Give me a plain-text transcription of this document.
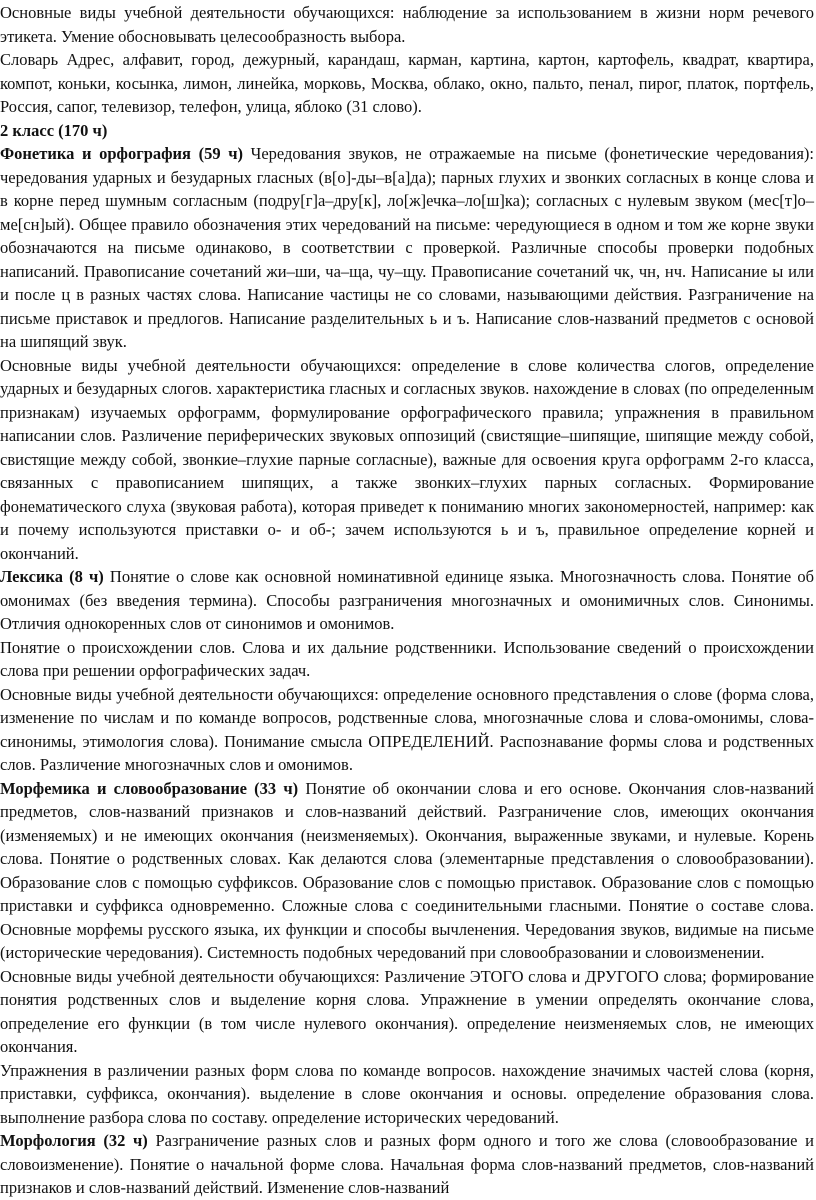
Основные виды учебной деятельности обучающихся: наблюдение за использованием в жизни норм речевого этикета. Умение обосновывать целесообразность выбора.

Словарь Адрес, алфавит, город, дежурный, карандаш, карман, картина, картон, картофель, квадрат, квартира, компот, коньки, косынка, лимон, линейка, морковь, Москва, облако, окно, пальто, пенал, пирог, платок, портфель, Россия, сапог, телевизор, телефон, улица, яблоко (31 слово).

2 класс (170 ч)

Фонетика и орфография (59 ч) Чередования звуков, не отражаемые на письме (фонетические чередования): чередования ударных и безударных гласных (в[о]-ды–в[а]да); парных глухих и звонких согласных в конце слова и в корне перед шумным согласным (подру[г]а–дру[к], ло[ж]ечка–ло[ш]ка); согласных с нулевым звуком (мес[т]о– ме[сн]ый). Общее правило обозначения этих чередований на письме: чередующиеся в одном и том же корне звуки обозначаются на письме одинаково, в соответствии с проверкой. Различные способы проверки подобных написаний. Правописание сочетаний жи–ши, ча–ща, чу–щу. Правописание сочетаний чк, чн, нч. Написание ы или и после ц в разных частях слова. Написание частицы не со словами, называющими действия. Разграничение на письме приставок и предлогов. Написание разделительных ь и ъ. Написание слов-названий предметов с основой на шипящий звук.

Основные виды учебной деятельности обучающихся: определение в слове количества слогов, определение ударных и безударных слогов. характеристика гласных и согласных звуков. нахождение в словах (по определенным признакам) изучаемых орфограмм, формулирование орфографического правила; упражнения в правильном написании слов. Различение периферических звуковых оппозиций (свистящие–шипящие, шипящие между собой, свистящие между собой, звонкие–глухие парные согласные), важные для освоения круга орфограмм 2-го класса, связанных с правописанием шипящих, а также звонких–глухих парных согласных. Формирование фонематического слуха (звуковая работа), которая приведет к пониманию многих закономерностей, например: как и почему используются приставки о- и об-; зачем используются ь и ъ, правильное определение корней и окончаний.

Лексика (8 ч) Понятие о слове как основной номинативной единице языка. Многозначность слова. Понятие об омонимах (без введения термина). Способы разграничения многозначных и омонимичных слов. Синонимы. Отличия однокоренных слов от синонимов и омонимов.

Понятие о происхождении слов. Слова и их дальние родственники. Использование сведений о происхождении слова при решении орфографических задач.

Основные виды учебной деятельности обучающихся: определение основного представления о слове (форма слова, изменение по числам и по команде вопросов, родственные слова, многозначные слова и слова-омонимы, слова-синонимы, этимология слова). Понимание смысла ОПРЕДЕЛЕНИЙ. Распознавание формы слова и родственных слов. Различение многозначных слов и омонимов.

Морфемика и словообразование (33 ч) Понятие об окончании слова и его основе. Окончания слов-названий предметов, слов-названий признаков и слов-названий действий. Разграничение слов, имеющих окончания (изменяемых) и не имеющих окончания (неизменяемых). Окончания, выраженные звуками, и нулевые. Корень слова. Понятие о родственных словах. Как делаются слова (элементарные представления о словообразовании). Образование слов с помощью суффиксов. Образование слов с помощью приставок. Образование слов с помощью приставки и суффикса одновременно. Сложные слова с соединительными гласными. Понятие о составе слова. Основные морфемы русского языка, их функции и способы вычленения. Чередования звуков, видимые на письме (исторические чередования). Системность подобных чередований при словообразовании и словоизменении.

Основные виды учебной деятельности обучающихся: Различение ЭТОГО слова и ДРУГОГО слова; формирование понятия родственных слов и выделение корня слова. Упражнение в умении определять окончание слова, определение его функции (в том числе нулевого окончания). определение неизменяемых слов, не имеющих окончания.

Упражнения в различении разных форм слова по команде вопросов. нахождение значимых частей слова (корня, приставки, суффикса, окончания). выделение в слове окончания и основы. определение образования слова. выполнение разбора слова по составу. определение исторических чередований.

Морфология (32 ч) Разграничение разных слов и разных форм одного и того же слова (словообразование и словоизменение). Понятие о начальной форме слова. Начальная форма слов-названий предметов, слов-названий признаков и слов-названий действий. Изменение слов-названий
